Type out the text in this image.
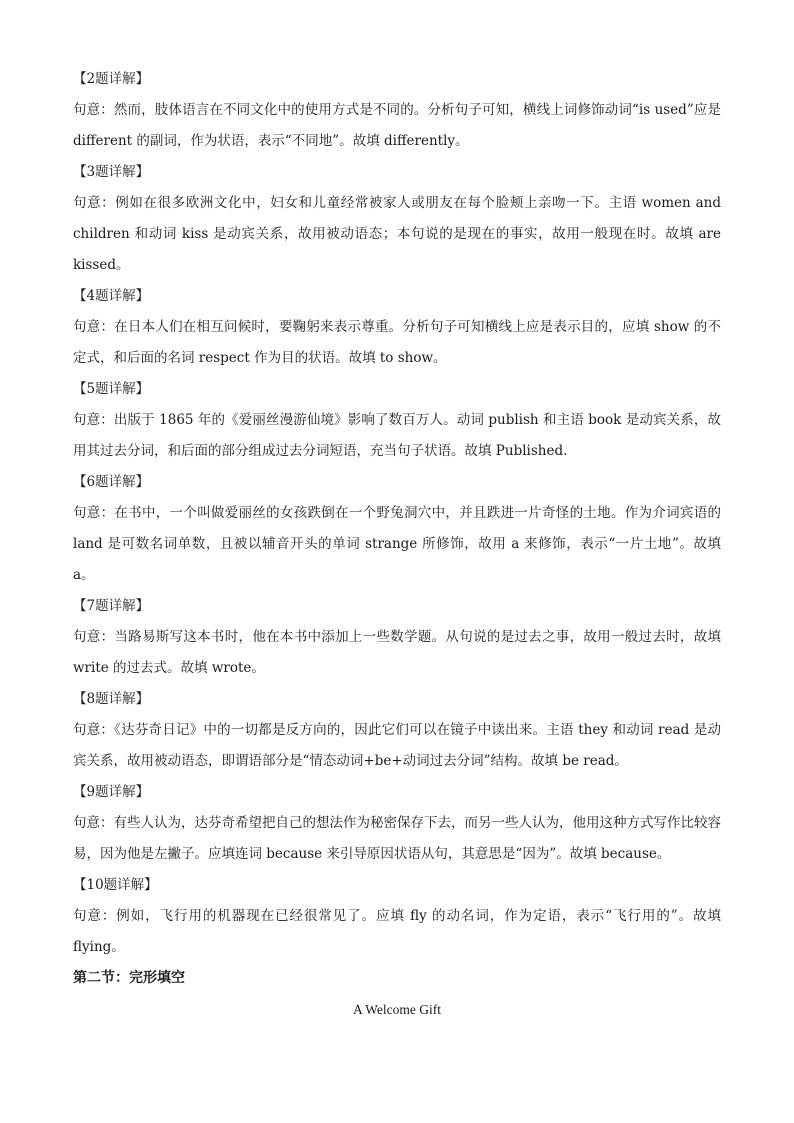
【2题详解】

句意：然而，肢体语言在不同文化中的使用方式是不同的。分析句子可知，横线上词修饰动词“is used”应是 different 的副词，作为状语，表示“不同地”。故填 differently。

【3题详解】

句意：例如在很多欧洲文化中，妇女和儿童经常被家人或朋友在每个脸颊上亲吻一下。主语 women and children 和动词 kiss 是动宾关系，故用被动语态；本句说的是现在的事实，故用一般现在时。故填 are kissed。

【4题详解】

句意：在日本人们在相互问候时，要鞠躬来表示尊重。分析句子可知横线上应是表示目的，应填 show 的不定式，和后面的名词 respect 作为目的状语。故填 to show。

【5题详解】

句意：出版于 1865 年的《爱丽丝漫游仙境》影响了数百万人。动词 publish 和主语 book 是动宾关系，故用其过去分词，和后面的部分组成过去分词短语，充当句子状语。故填 Published.

【6题详解】

句意：在书中，一个叫做爱丽丝的女孩跌倒在一个野兔洞穴中，并且跌进一片奇怪的土地。作为介词宾语的 land 是可数名词单数，且被以辅音开头的单词 strange 所修饰，故用 a 来修饰，表示“一片土地”。故填 a。

【7题详解】

句意：当路易斯写这本书时，他在本书中添加上一些数学题。从句说的是过去之事，故用一般过去时，故填 write 的过去式。故填 wrote。

【8题详解】

句意：《达芬奇日记》中的一切都是反方向的，因此它们可以在镜子中读出来。主语 they 和动词 read 是动宾关系，故用被动语态，即谓语部分是“情态动词+be+动词过去分词”结构。故填 be read。

【9题详解】

句意：有些人认为，达芬奇希望把自己的想法作为秘密保存下去，而另一些人认为，他用这种方式写作比较容易，因为他是左撇子。应填连词 because 来引导原因状语从句，其意思是“因为”。故填 because。

【10题详解】

句意：例如，飞行用的机器现在已经很常见了。应填 fly 的动名词，作为定语，表示“飞行用的”。故填 flying。

第二节：完形填空
A Welcome Gift
